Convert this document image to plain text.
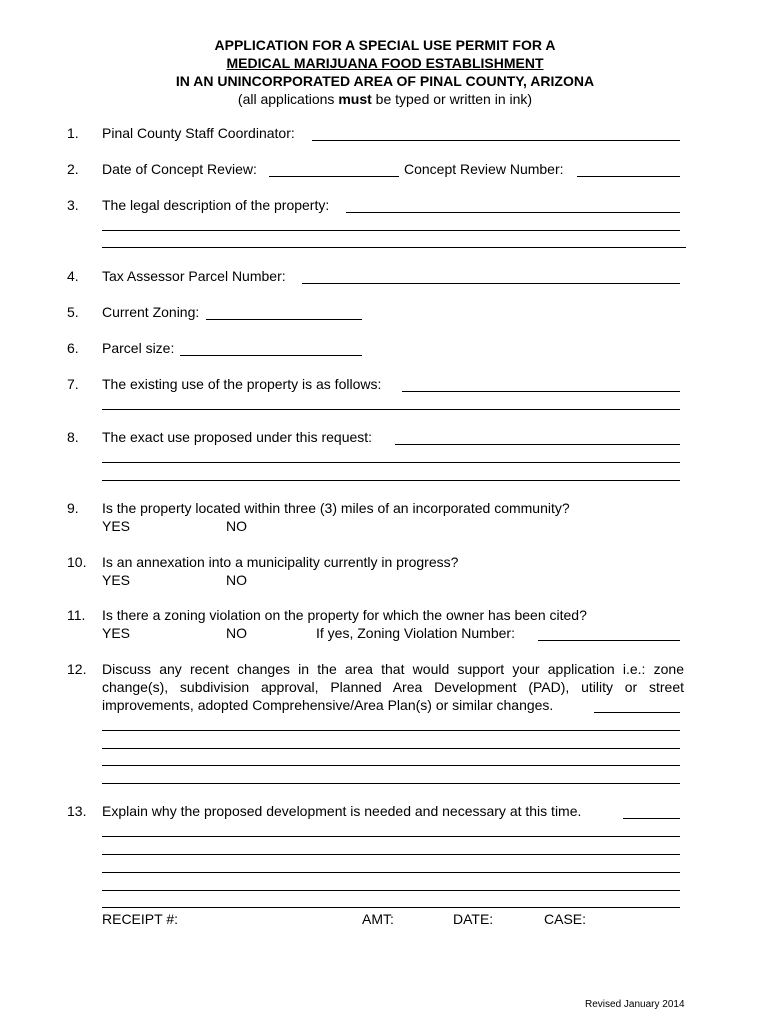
APPLICATION FOR A SPECIAL USE PERMIT FOR A
MEDICAL MARIJUANA FOOD ESTABLISHMENT
IN AN UNINCORPORATED AREA OF PINAL COUNTY, ARIZONA
(all applications must be typed or written in ink)
1. Pinal County Staff Coordinator:
2. Date of Concept Review:	Concept Review Number:
3. The legal description of the property:
4. Tax Assessor Parcel Number:
5. Current Zoning:
6. Parcel size:
7. The existing use of the property is as follows:
8. The exact use proposed under this request:
9. Is the property located within three (3) miles of an incorporated community?
YES	NO
10. Is an annexation into a municipality currently in progress?
YES	NO
11. Is there a zoning violation on the property for which the owner has been cited?
YES	NO	If yes, Zoning Violation Number:
12. Discuss any recent changes in the area that would support your application i.e.: zone change(s), subdivision approval, Planned Area Development (PAD), utility or street improvements, adopted Comprehensive/Area Plan(s) or similar changes.
13. Explain why the proposed development is needed and necessary at this time.
RECEIPT #:	AMT:	DATE:	CASE:
Revised January 2014
